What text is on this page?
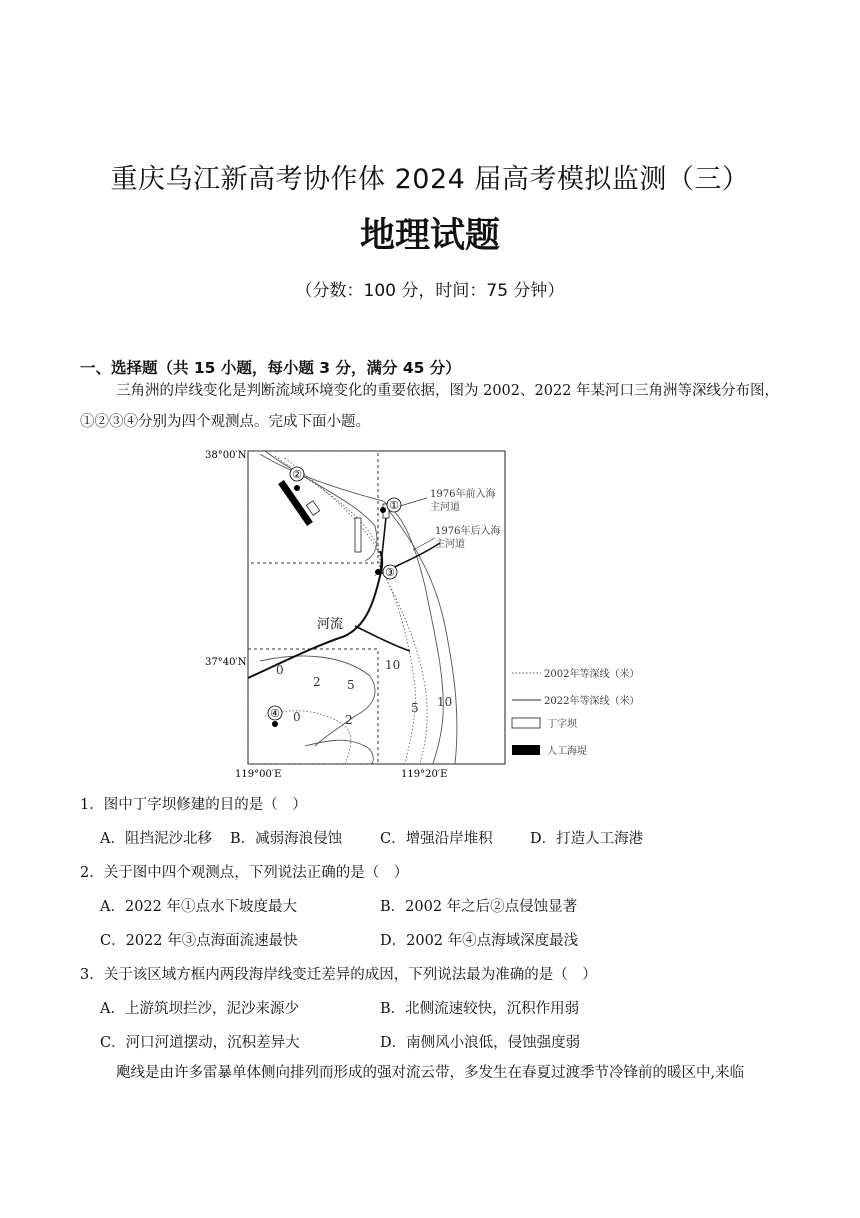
重庆乌江新高考协作体 2024 届高考模拟监测（三）
地理试题
（分数：100 分，时间：75 分钟）
一、选择题（共 15 小题，每小题 3 分，满分 45 分）
三角洲的岸线变化是判断流域环境变化的重要依据，图为 2002、2022 年某河口三角洲等深线分布图，
①②③④分别为四个观测点。完成下面小题。
38°00′N
37°40′N
119°00′E	119°20′E
②
①
③
④
1976年前入海
主河道
1976年后入海
主河道
河流
0
2 5
10
0	2
5 10
2002年等深线（米）
2022年等深线（米）
丁字坝
人工海堤
1．图中丁字坝修建的目的是（　）
A．阻挡泥沙北移 B．减弱海浪侵蚀	C．增强沿岸堆积	D．打造人工海港
2．关于图中四个观测点，下列说法正确的是（　）
A．2022 年①点水下坡度最大	B．2002 年之后②点侵蚀显著
C．2022 年③点海面流速最快	D．2002 年④点海域深度最浅
3．关于该区域方框内两段海岸线变迁差异的成因，下列说法最为准确的是（　）
A．上游筑坝拦沙，泥沙来源少	B．北侧流速较快，沉积作用弱
C．河口河道摆动，沉积差异大	D．南侧风小浪低，侵蚀强度弱
飑线是由许多雷暴单体侧向排列而形成的强对流云带，多发生在春夏过渡季节冷锋前的暖区中,来临
